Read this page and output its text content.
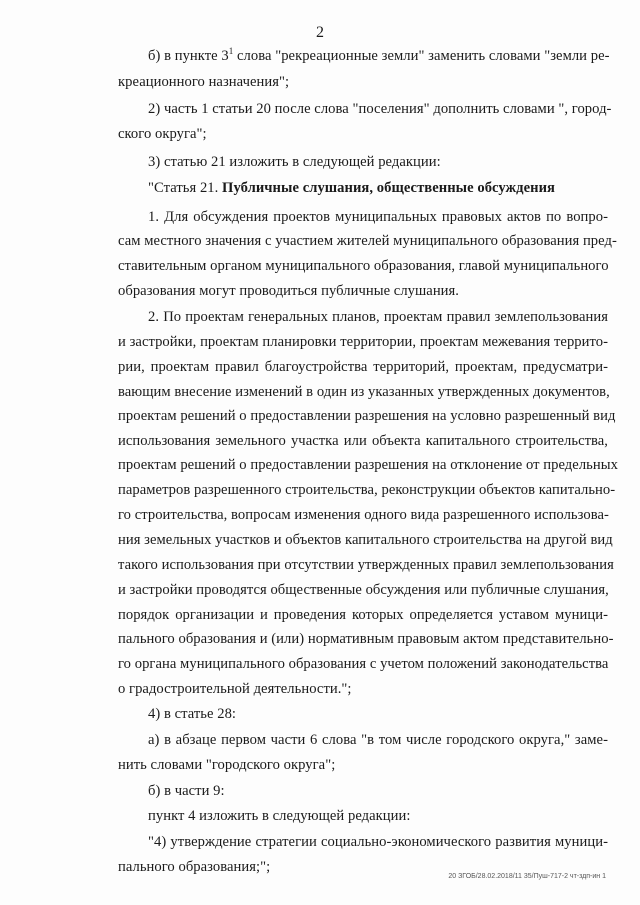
2
б) в пункте $3^1$ слова "рекреационные земли" заменить словами "земли ре-
креационного назначения";
2) часть 1 статьи 20 после слова "поселения" дополнить словами ", город-
ского округа";
3) статью 21 изложить в следующей редакции:
"Статья 21. Публичные слушания, общественные обсуждения
1. Для обсуждения проектов муниципальных правовых актов по вопро-
сам местного значения с участием жителей муниципального образования пред-
ставительным органом муниципального образования, главой муниципального
образования могут проводиться публичные слушания.
2. По проектам генеральных планов, проектам правил землепользования
и застройки, проектам планировки территории, проектам межевания террито-
рии, проектам правил благоустройства территорий, проектам, предусматри-
вающим внесение изменений в один из указанных утвержденных документов,
проектам решений о предоставлении разрешения на условно разрешенный вид
использования земельного участка или объекта капитального строительства,
проектам решений о предоставлении разрешения на отклонение от предельных
параметров разрешенного строительства, реконструкции объектов капитально-
го строительства, вопросам изменения одного вида разрешенного использова-
ния земельных участков и объектов капитального строительства на другой вид
такого использования при отсутствии утвержденных правил землепользования
и застройки проводятся общественные обсуждения или публичные слушания,
порядок организации и проведения которых определяется уставом муници-
пального образования и (или) нормативным правовым актом представительно-
го органа муниципального образования с учетом положений законодательства
о градостроительной деятельности.";
4) в статье 28:
а) в абзаце первом части 6 слова "в том числе городского округа," заме-
нить словами "городского округа";
б) в части 9:
пункт 4 изложить в следующей редакции:
"4) утверждение стратегии социально-экономического развития муници-
пального образования;";
20 ЗГОБ/28.02.2018/11 35/Пуш-717-2 чт-здп-ин 1
